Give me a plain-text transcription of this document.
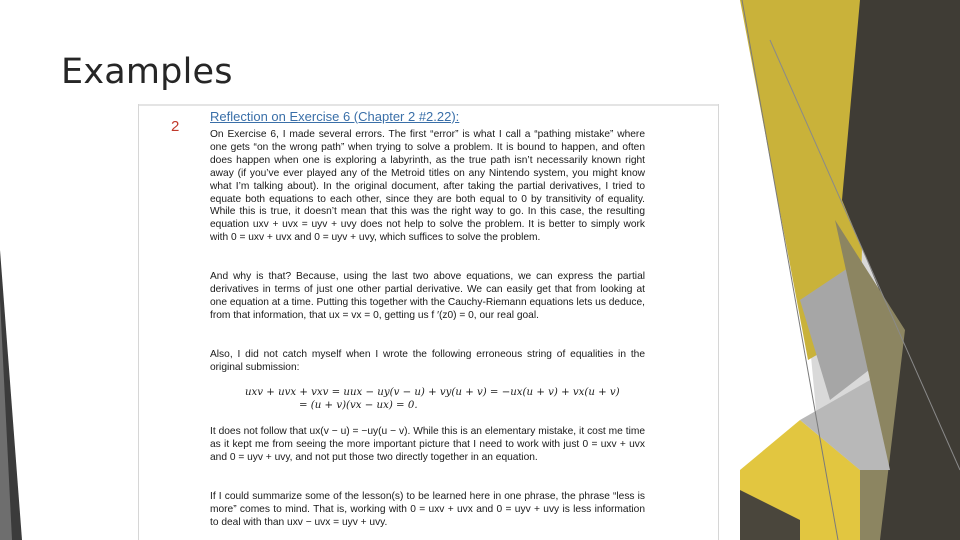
Examples
2
Reflection on Exercise 6 (Chapter 2 #2.22):
On Exercise 6, I made several errors. The first “error” is what I call a “pathing mistake” where one gets “on the wrong path” when trying to solve a problem. It is bound to happen, and often does happen when one is exploring a labyrinth, as the true path isn’t necessarily known right away (if you’ve ever played any of the Metroid titles on any Nintendo system, you might know what I’m talking about). In the original document, after taking the partial derivatives, I tried to equate both equations to each other, since they are both equal to 0 by transitivity of equality. While this is true, it doesn’t mean that this was the right way to go. In this case, the resulting equation uxv + uvx = uyv + uvy does not help to solve the problem. It is better to simply work with 0 = uxv + uvx and 0 = uyv + uvy, which suffices to solve the problem.
And why is that? Because, using the last two above equations, we can express the partial derivatives in terms of just one other partial derivative. We can easily get that from looking at one equation at a time. Putting this together with the Cauchy-Riemann equations lets us deduce, from that information, that ux = vx = 0, getting us f ′(z0) = 0, our real goal.
Also, I did not catch myself when I wrote the following erroneous string of equalities in the original submission:
uxv + uvx + vxv = uux − uy(v − u) + vy(u + v) = −ux(u + v) + vx(u + v)
= (u + v)(vx − ux) = 0.
It does not follow that ux(v − u) = −uy(u − v). While this is an elementary mistake, it cost me time as it kept me from seeing the more important picture that I need to work with just 0 = uxv + uvx and 0 = uyv + uvy, and not put those two directly together in an equation.
If I could summarize some of the lesson(s) to be learned here in one phrase, the phrase “less is more” comes to mind. That is, working with 0 = uxv + uvx and 0 = uyv + uvy is less information to deal with than uxv − uvx = uyv + uvy.
